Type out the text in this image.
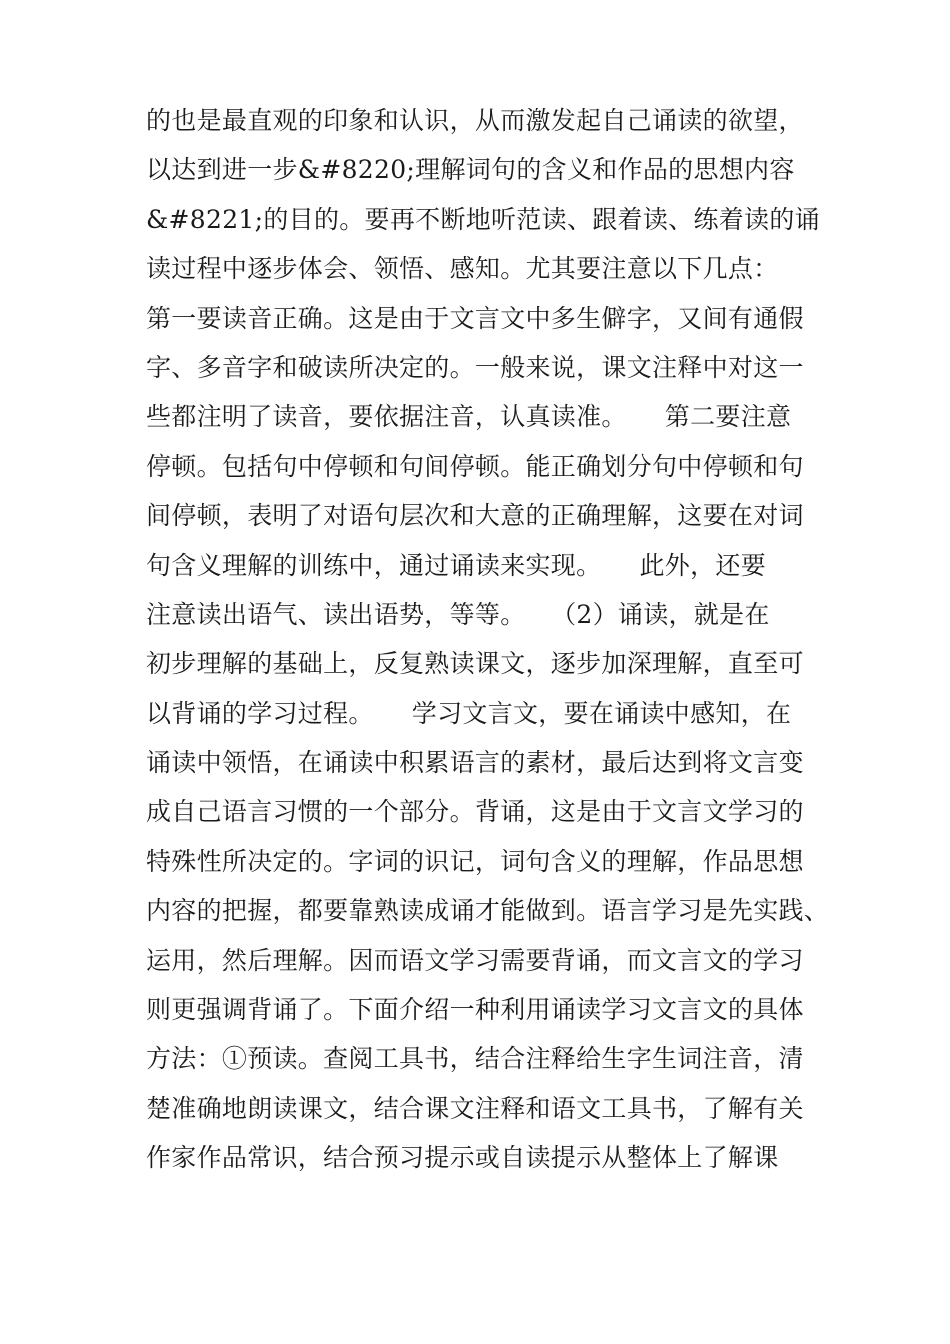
的也是最直观的印象和认识，从而激发起自己诵读的欲望，
以达到进一步&#8220;理解词句的含义和作品的思想内容
&#8221;的目的。要再不断地听范读、跟着读、练着读的诵
读过程中逐步体会、领悟、感知。尤其要注意以下几点：
第一要读音正确。这是由于文言文中多生僻字，又间有通假
字、多音字和破读所决定的。一般来说，课文注释中对这一
些都注明了读音，要依据注音，认真读准。　　第二要注意
停顿。包括句中停顿和句间停顿。能正确划分句中停顿和句
间停顿，表明了对语句层次和大意的正确理解，这要在对词
句含义理解的训练中，通过诵读来实现。　　此外，还要
注意读出语气、读出语势，等等。　　（2）诵读，就是在
初步理解的基础上，反复熟读课文，逐步加深理解，直至可
以背诵的学习过程。　　学习文言文，要在诵读中感知，在
诵读中领悟，在诵读中积累语言的素材，最后达到将文言变
成自己语言习惯的一个部分。背诵，这是由于文言文学习的
特殊性所决定的。字词的识记，词句含义的理解，作品思想
内容的把握，都要靠熟读成诵才能做到。语言学习是先实践、
运用，然后理解。因而语文学习需要背诵，而文言文的学习
则更强调背诵了。下面介绍一种利用诵读学习文言文的具体
方法：①预读。查阅工具书，结合注释给生字生词注音，清
楚准确地朗读课文，结合课文注释和语文工具书，了解有关
作家作品常识，结合预习提示或自读提示从整体上了解课
